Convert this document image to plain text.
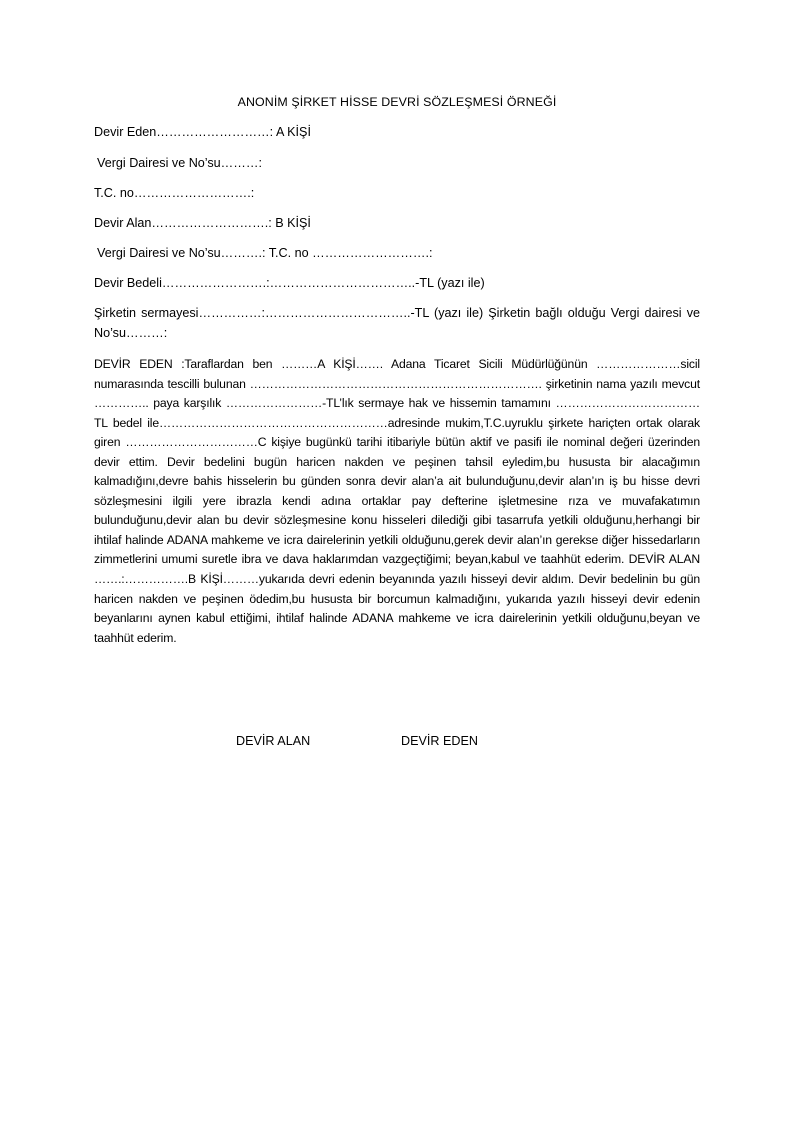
ANONİM ŞİRKET HİSSE DEVRİ SÖZLEŞMESİ ÖRNEĞİ
Devir Eden………………………: A KİŞİ
Vergi Dairesi ve No’su………:
T.C. no……………………….:
Devir Alan……………………….: B KİŞİ
Vergi Dairesi ve No’su……….: T.C. no ……………………….:
Devir Bedeli…………………….:……………………………..-TL (yazı ile)
Şirketin sermayesi……………:……………………………..-TL (yazı ile) Şirketin bağlı olduğu Vergi dairesi ve No’su………:
DEVİR EDEN :Taraflardan ben ………A KİŞİ……. Adana Ticaret Sicili Müdürlüğünün …………………sicil numarasında tescilli bulunan ………………………………………………………………. şirketinin nama yazılı mevcut ………….. paya karşılık ……………………-TL’lık sermaye hak ve hissemin tamamını ………………………………TL bedel ile…………………………………………………adresinde mukim,T.C.uyruklu şirkete hariçten ortak olarak giren ……………………………C kişiye bugünkü tarihi itibariyle bütün aktif ve pasifi ile nominal değeri üzerinden devir ettim. Devir bedelini bugün haricen nakden ve peşinen tahsil eyledim,bu hususta bir alacağımın kalmadığını,devre bahis hisselerin bu günden sonra devir alan’a ait bulunduğunu,devir alan’ın iş bu hisse devri sözleşmesini ilgili yere ibrazla kendi adına ortaklar pay defterine işletmesine rıza ve muvafakatımın bulunduğunu,devir alan bu devir sözleşmesine konu hisseleri dilediği gibi tasarrufa yetkili olduğunu,herhangi bir ihtilaf halinde ADANA mahkeme ve icra dairelerinin yetkili olduğunu,gerek devir alan’ın gerekse diğer hissedarların zimmetlerini umumi suretle ibra ve dava haklarımdan vazgeçtiğimi; beyan,kabul ve taahhüt ederim. DEVİR ALAN …….:…………….B KİŞİ………yukarıda devri edenin beyanında yazılı hisseyi devir aldım. Devir bedelinin bu gün haricen nakden ve peşinen ödedim,bu hususta bir borcumun kalmadığını, yukarıda yazılı hisseyi devir edenin beyanlarını aynen kabul ettiğimi, ihtilaf halinde ADANA mahkeme ve icra dairelerinin yetkili olduğunu,beyan ve taahhüt ederim.
DEVİR ALAN	DEVİR EDEN
